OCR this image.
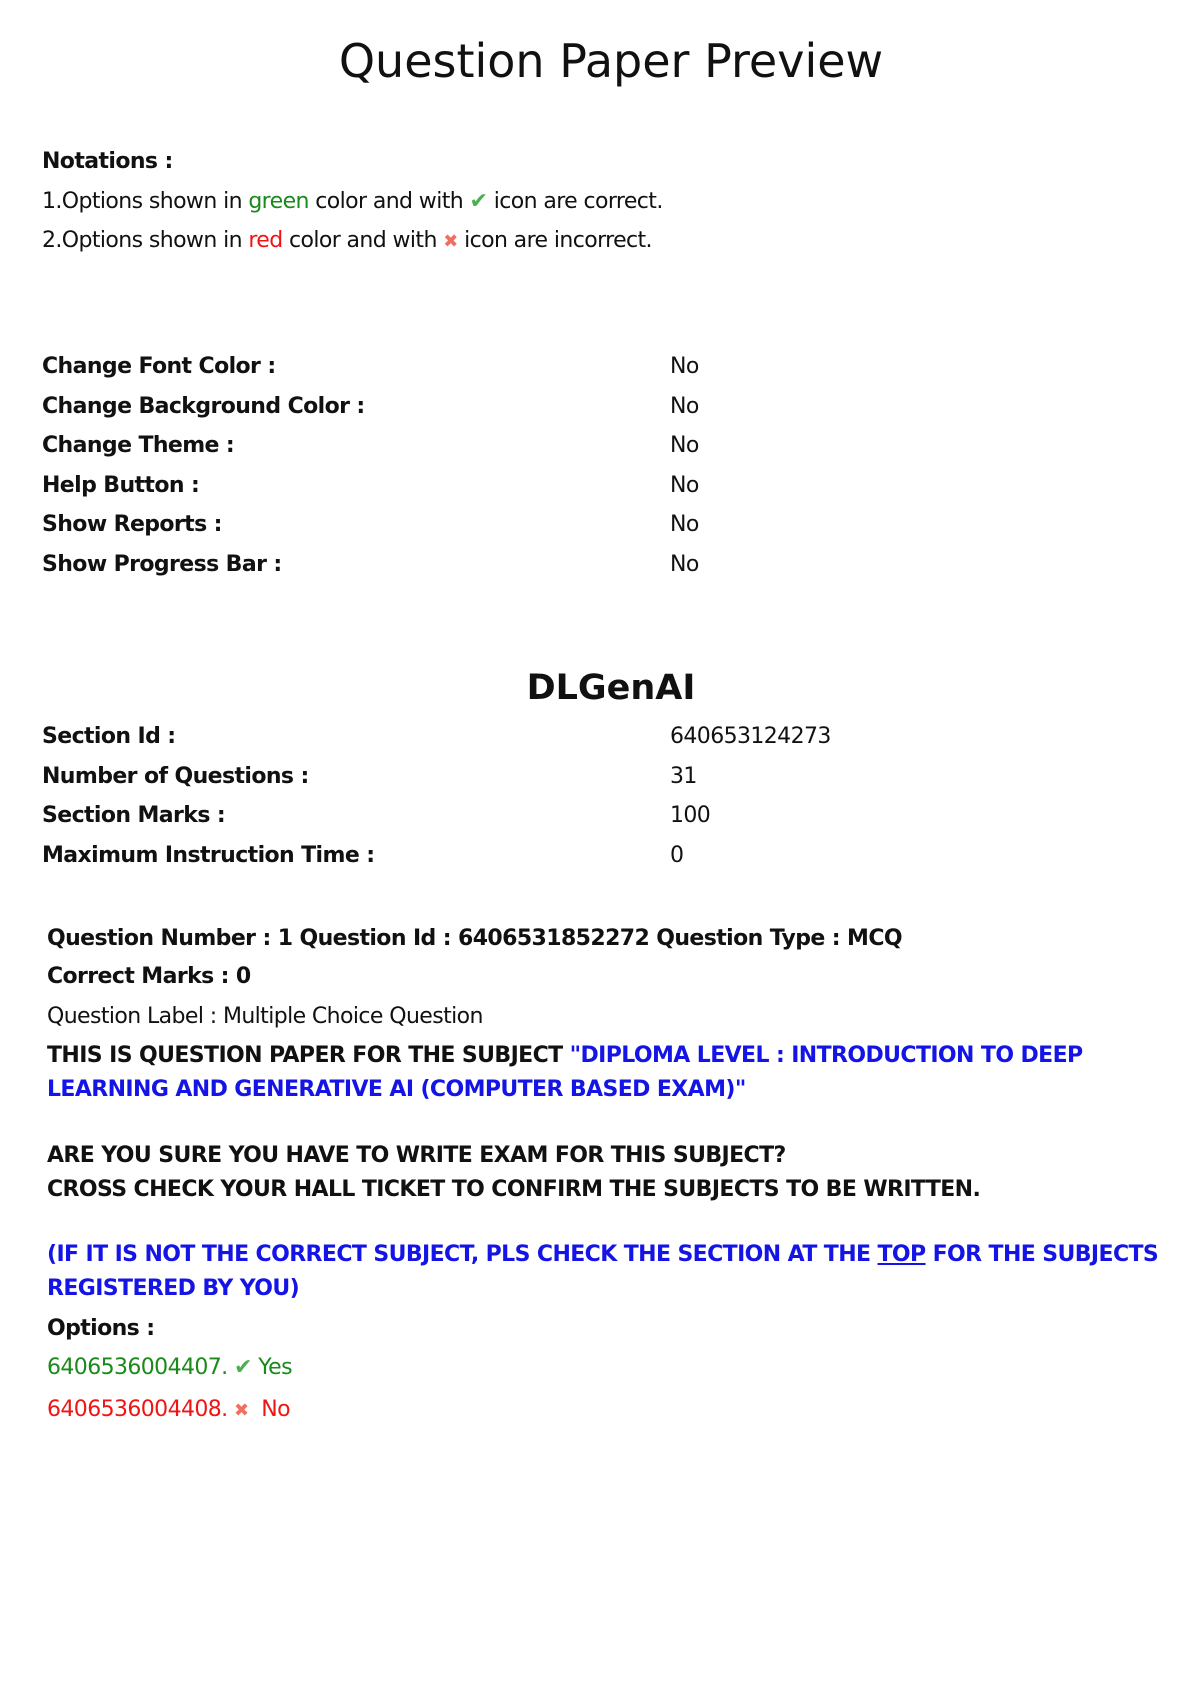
Question Paper Preview
Notations :
1.Options shown in green color and with ✔ icon are correct.
2.Options shown in red color and with ✖ icon are incorrect.
Change Font Color :	No
Change Background Color :	No
Change Theme :	No
Help Button :	No
Show Reports :	No
Show Progress Bar :	No
DLGenAI
Section Id :	640653124273
Number of Questions :	31
Section Marks :	100
Maximum Instruction Time :	0
Question Number : 1 Question Id : 6406531852272 Question Type : MCQ
Correct Marks : 0
Question Label : Multiple Choice Question
THIS IS QUESTION PAPER FOR THE SUBJECT "DIPLOMA LEVEL : INTRODUCTION TO DEEP
LEARNING AND GENERATIVE AI (COMPUTER BASED EXAM)"
ARE YOU SURE YOU HAVE TO WRITE EXAM FOR THIS SUBJECT?
CROSS CHECK YOUR HALL TICKET TO CONFIRM THE SUBJECTS TO BE WRITTEN.
(IF IT IS NOT THE CORRECT SUBJECT, PLS CHECK THE SECTION AT THE TOP FOR THE SUBJECTS
REGISTERED BY YOU)
Options :
6406536004407. ✔ Yes
6406536004408. ✖ No
